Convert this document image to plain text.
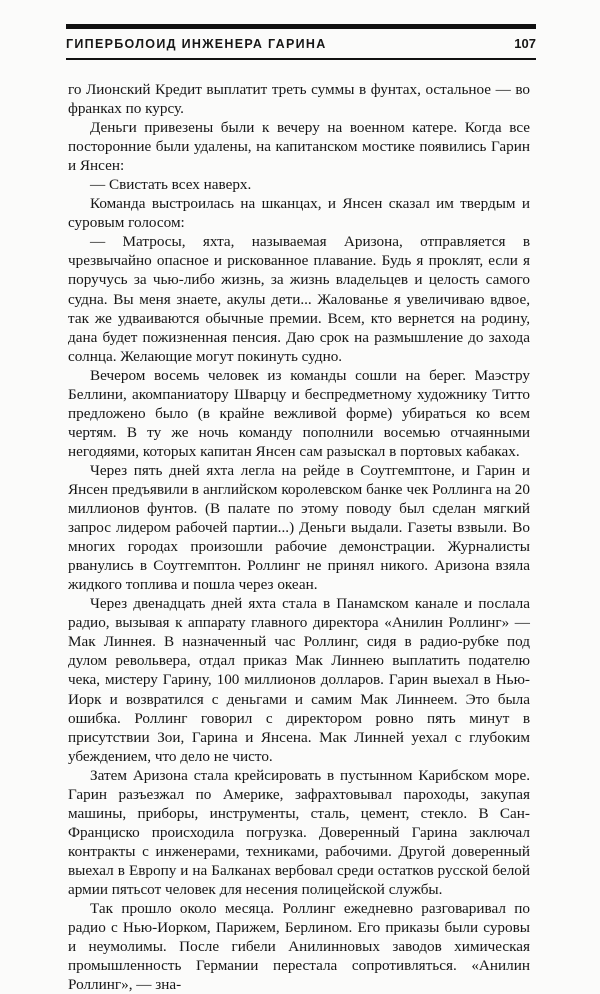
ГИПЕРБОЛОИД ИНЖЕНЕРА ГАРИНА	107

го Лионский Кредит выплатит треть суммы в фунтах, остальное — во франках по курсу.

Деньги привезены были к вечеру на военном катере. Когда все посторонние были удалены, на капитанском мостике появились Гарин и Янсен:

— Свистать всех наверх.

Команда выстроилась на шканцах, и Янсен сказал им твердым и суровым голосом:

— Матросы, яхта, называемая Аризона, отправляется в чрезвычайно опасное и рискованное плавание. Будь я проклят, если я поручусь за чью-либо жизнь, за жизнь владельцев и целость самого судна. Вы меня знаете, акулы дети... Жалованье я увеличиваю вдвое, так же удваиваются обычные премии. Всем, кто вернется на родину, дана будет пожизненная пенсия. Даю срок на размышление до захода солнца. Желающие могут покинуть судно.

Вечером восемь человек из команды сошли на берег. Маэстру Беллини, акомпаниатору Шварцу и беспредметному художнику Титто предложено было (в крайне вежливой форме) убираться ко всем чертям. В ту же ночь команду пополнили восемью отчаянными негодяями, которых капитан Янсен сам разыскал в портовых кабаках.

Через пять дней яхта легла на рейде в Соутгемптоне, и Гарин и Янсен предъявили в английском королевском банке чек Роллинга на 20 миллионов фунтов. (В палате по этому поводу был сделан мягкий запрос лидером рабочей партии...) Деньги выдали. Газеты взвыли. Во многих городах произошли рабочие демонстрации. Журналисты рванулись в Соутгемптон. Роллинг не принял никого. Аризона взяла жидкого топлива и пошла через океан.

Через двенадцать дней яхта стала в Панамском канале и послала радио, вызывая к аппарату главного директора «Анилин Роллинг» — Мак Линнея. В назначенный час Роллинг, сидя в радио-рубке под дулом револьвера, отдал приказ Мак Линнею выплатить подателю чека, мистеру Гарину, 100 миллионов долларов. Гарин выехал в Нью-Иорк и возвратился с деньгами и самим Мак Линнеем. Это была ошибка. Роллинг говорил с директором ровно пять минут в присутствии Зои, Гарина и Янсена. Мак Линней уехал с глубоким убеждением, что дело не чисто.

Затем Аризона стала крейсировать в пустынном Карибском море. Гарин разъезжал по Америке, зафрахтовывал пароходы, закупая машины, приборы, инструменты, сталь, цемент, стекло. В Сан-Франциско происходила погрузка. Доверенный Гарина заключал контракты с инженерами, техниками, рабочими. Другой доверенный выехал в Европу и на Балканах вербовал среди остатков русской белой армии пятьсот человек для несения полицейской службы.

Так прошло около месяца. Роллинг ежедневно разговаривал по радио с Нью-Иорком, Парижем, Берлином. Его приказы были суровы и неумолимы. После гибели Анилинновых заводов химическая промышленность Германии перестала сопротивляться. «Анилин Роллинг», — зна-
